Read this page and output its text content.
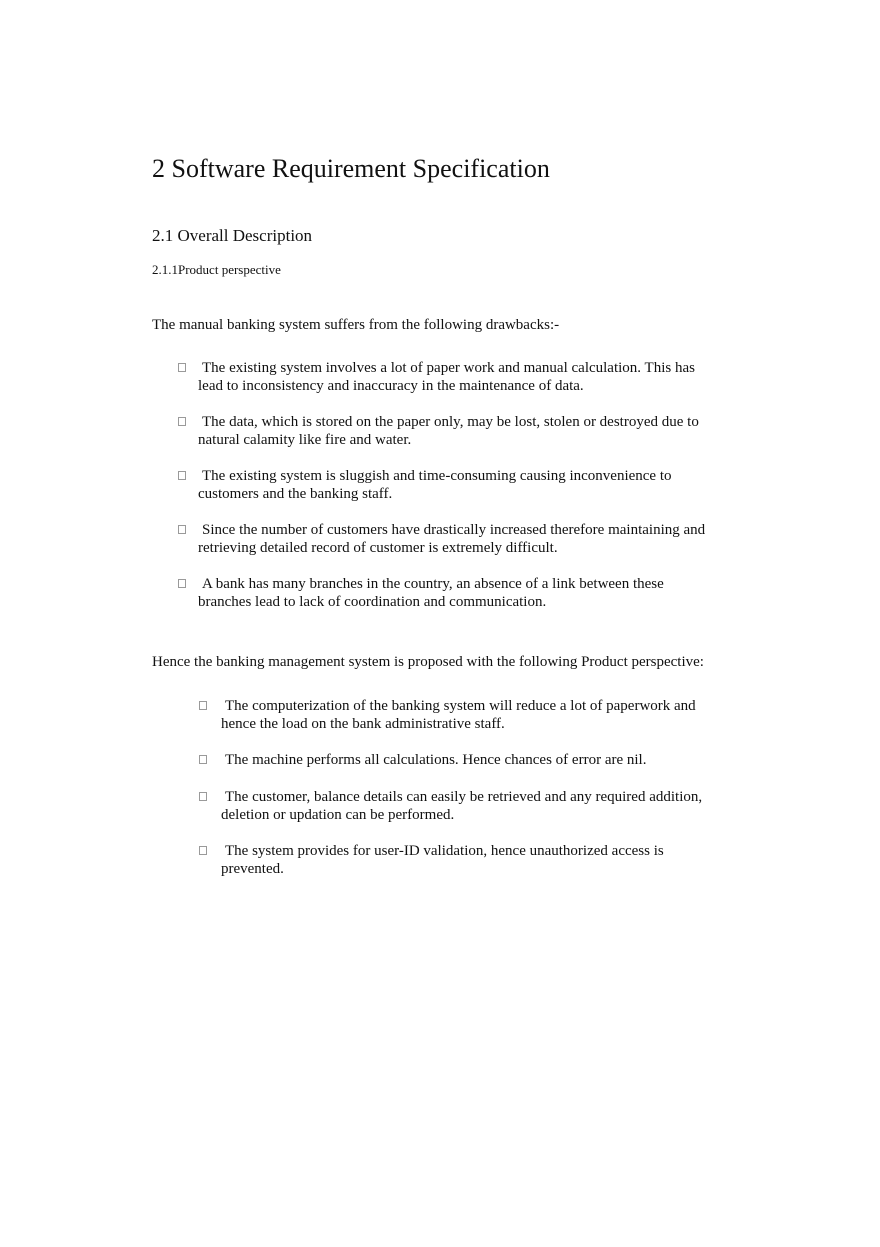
2 Software Requirement Specification
2.1 Overall Description
2.1.1Product perspective
The manual banking system suffers from the following drawbacks:-
The existing system involves a lot of paper work and manual calculation. This has
lead to inconsistency and inaccuracy in the maintenance of data.
The data, which is stored on the paper only, may be lost, stolen or destroyed due to
natural calamity like fire and water.
The existing system is sluggish and time-consuming causing inconvenience to
customers and the banking staff.
Since the number of customers have drastically increased therefore maintaining and
retrieving detailed record of customer is extremely difficult.
A bank has many branches in the country, an absence of a link between these
branches lead to lack of coordination and communication.
Hence the banking management system is proposed with the following Product perspective:
The computerization of the banking system will reduce a lot of paperwork and
hence the load on the bank administrative staff.
The machine performs all calculations. Hence chances of error are nil.
The customer, balance details can easily be retrieved and any required addition,
deletion or updation can be performed.
The system provides for user-ID validation, hence unauthorized access is
prevented.
